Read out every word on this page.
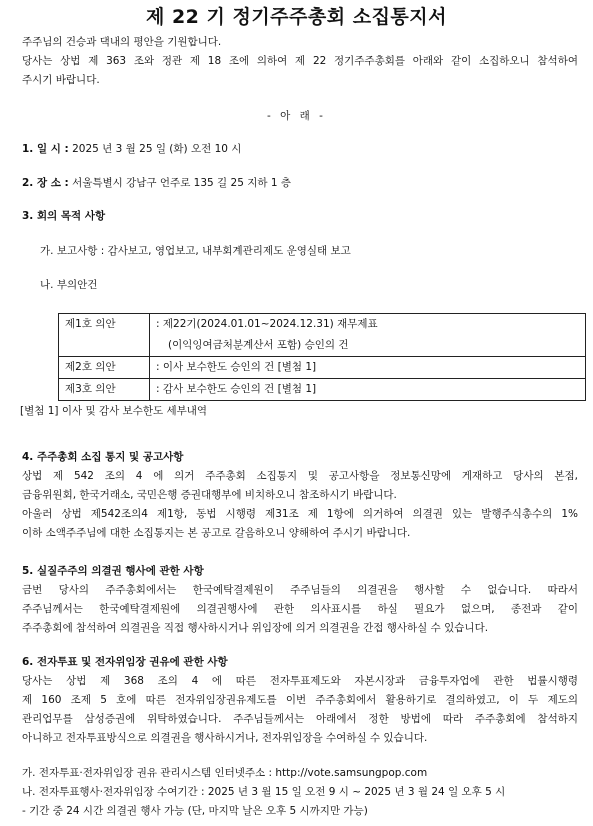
제 22 기 정기주주총회 소집통지서
주주님의 건승과 댁내의 평안을 기원합니다.
당사는 상법 제 363 조와 정관 제 18 조에 의하여 제 22 정기주주총회를 아래와 같이 소집하오니 참석하여
주시기 바랍니다.
- 아 래 -
1. 일 시 : 2025 년 3 월 25 일 (화) 오전 10 시
2. 장 소 : 서울특별시 강남구 언주로 135 길 25 지하 1 층
3. 회의 목적 사항
가. 보고사항 : 감사보고, 영업보고, 내부회계관리제도 운영실태 보고
나. 부의안건
제1호 의안	: 제22기(2024.01.01~2024.12.31) 재무제표
(이익잉여금처분계산서 포함) 승인의 건

제2호 의안	: 이사 보수한도 승인의 건 [별첨 1]
제3호 의안	: 감사 보수한도 승인의 건 [별첨 1]
[별첨 1] 이사 및 감사 보수한도 세부내역
4. 주주총회 소집 통지 및 공고사항
상법 제 542 조의 4 에 의거 주주총회 소집통지 및 공고사항을 정보통신망에 게재하고 당사의 본점,
금융위원회, 한국거래소, 국민은행 증권대행부에 비치하오니 참조하시기 바랍니다.
아울러 상법 제542조의4 제1항, 동법 시행령 제31조 제 1항에 의거하여 의결권 있는 발행주식총수의 1%
이하 소액주주님에 대한 소집통지는 본 공고로 갈음하오니 양해하여 주시기 바랍니다.
5. 실질주주의 의결권 행사에 관한 사항
금번 당사의 주주총회에서는 한국예탁결제원이 주주님들의 의결권을 행사할 수 없습니다. 따라서
주주님께서는 한국예탁결제원에 의결권행사에 관한 의사표시를 하실 필요가 없으며, 종전과 같이
주주총회에 참석하여 의결권을 직접 행사하시거나 위임장에 의거 의결권을 간접 행사하실 수 있습니다.
6. 전자투표 및 전자위임장 권유에 관한 사항
당사는 상법 제 368 조의 4 에 따른 전자투표제도와 자본시장과 금융투자업에 관한 법률시행령
제 160 조제 5 호에 따른 전자위임장권유제도를 이번 주주총회에서 활용하기로 결의하였고, 이 두 제도의
관리업무를 삼성증권에 위탁하였습니다. 주주님들께서는 아래에서 정한 방법에 따라 주주총회에 참석하지
아니하고 전자투표방식으로 의결권을 행사하시거나, 전자위임장을 수여하실 수 있습니다.
가. 전자투표·전자위임장 권유 관리시스템 인터넷주소 : http://vote.samsungpop.com
나. 전자투표행사·전자위임장 수여기간 : 2025 년 3 월 15 일 오전 9 시 ~ 2025 년 3 월 24 일 오후 5 시
- 기간 중 24 시간 의결권 행사 가능 (단, 마지막 날은 오후 5 시까지만 가능)
